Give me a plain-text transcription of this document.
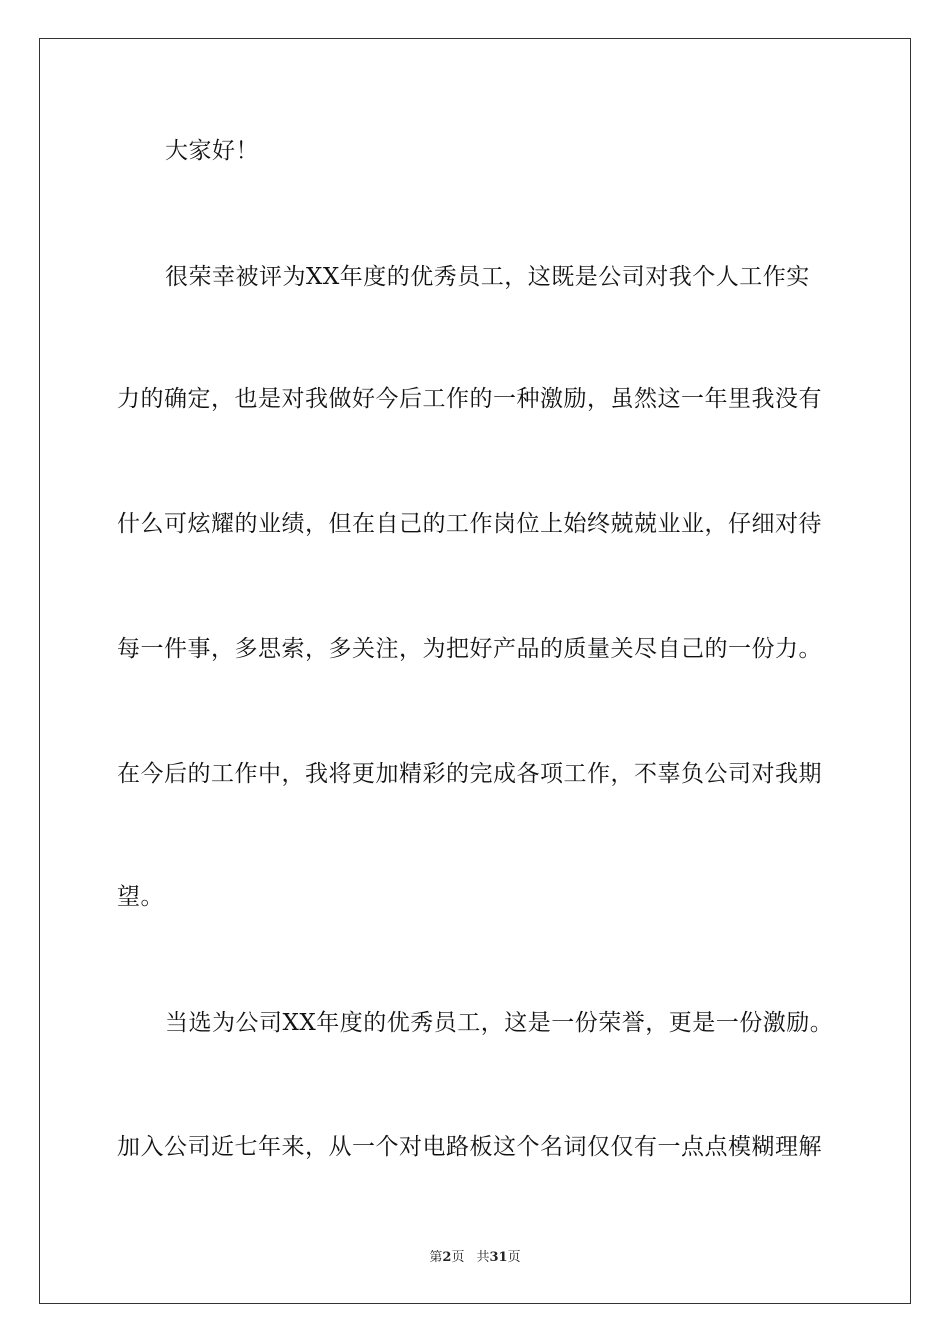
大家好！
很荣幸被评为XX年度的优秀员工，这既是公司对我个人工作实
力的确定，也是对我做好今后工作的一种激励，虽然这一年里我没有
什么可炫耀的业绩，但在自己的工作岗位上始终兢兢业业，仔细对待
每一件事，多思索，多关注，为把好产品的质量关尽自己的一份力。
在今后的工作中，我将更加精彩的完成各项工作，不辜负公司对我期
望。
当选为公司XX年度的优秀员工，这是一份荣誉，更是一份激励。
加入公司近七年来，从一个对电路板这个名词仅仅有一点点模糊理解
第2页 共31页
